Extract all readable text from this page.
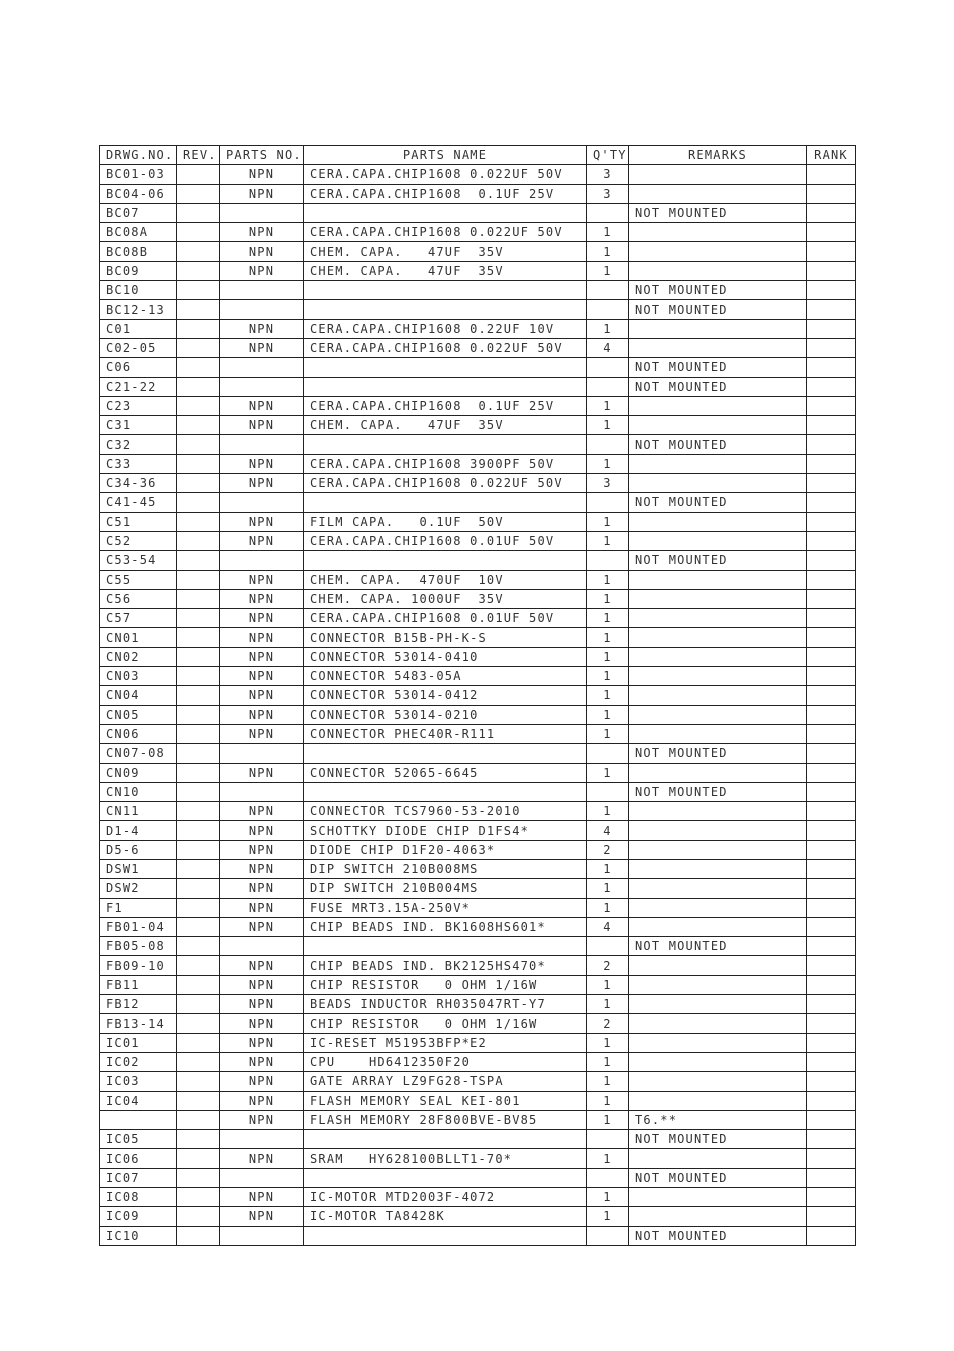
DRWG.NO.	REV.	PARTS NO.	PARTS NAME	Q'TY	REMARKS	RANK
BC01-03		NPN	CERA.CAPA.CHIP1608 0.022UF 50V	3		
BC04-06		NPN	CERA.CAPA.CHIP1608  0.1UF 25V	3		
BC07					NOT MOUNTED	
BC08A		NPN	CERA.CAPA.CHIP1608 0.022UF 50V	1		
BC08B		NPN	CHEM. CAPA.   47UF  35V	1		
BC09		NPN	CHEM. CAPA.   47UF  35V	1		
BC10					NOT MOUNTED	
BC12-13					NOT MOUNTED	
C01		NPN	CERA.CAPA.CHIP1608 0.22UF 10V	1		
C02-05		NPN	CERA.CAPA.CHIP1608 0.022UF 50V	4		
C06					NOT MOUNTED	
C21-22					NOT MOUNTED	
C23		NPN	CERA.CAPA.CHIP1608  0.1UF 25V	1		
C31		NPN	CHEM. CAPA.   47UF  35V	1		
C32					NOT MOUNTED	
C33		NPN	CERA.CAPA.CHIP1608 3900PF 50V	1		
C34-36		NPN	CERA.CAPA.CHIP1608 0.022UF 50V	3		
C41-45					NOT MOUNTED	
C51		NPN	FILM CAPA.   0.1UF  50V	1		
C52		NPN	CERA.CAPA.CHIP1608 0.01UF 50V	1		
C53-54					NOT MOUNTED	
C55		NPN	CHEM. CAPA.  470UF  10V	1		
C56		NPN	CHEM. CAPA. 1000UF  35V	1		
C57		NPN	CERA.CAPA.CHIP1608 0.01UF 50V	1		
CN01		NPN	CONNECTOR B15B-PH-K-S	1		
CN02		NPN	CONNECTOR 53014-0410	1		
CN03		NPN	CONNECTOR 5483-05A	1		
CN04		NPN	CONNECTOR 53014-0412	1		
CN05		NPN	CONNECTOR 53014-0210	1		
CN06		NPN	CONNECTOR PHEC40R-R111	1		
CN07-08					NOT MOUNTED	
CN09		NPN	CONNECTOR 52065-6645	1		
CN10					NOT MOUNTED	
CN11		NPN	CONNECTOR TCS7960-53-2010	1		
D1-4		NPN	SCHOTTKY DIODE CHIP D1FS4*	4		
D5-6		NPN	DIODE CHIP D1F20-4063*	2		
DSW1		NPN	DIP SWITCH 210B008MS	1		
DSW2		NPN	DIP SWITCH 210B004MS	1		
F1		NPN	FUSE MRT3.15A-250V*	1		
FB01-04		NPN	CHIP BEADS IND. BK1608HS601*	4		
FB05-08					NOT MOUNTED	
FB09-10		NPN	CHIP BEADS IND. BK2125HS470*	2		
FB11		NPN	CHIP RESISTOR   0 OHM 1/16W	1		
FB12		NPN	BEADS INDUCTOR RH035047RT-Y7	1		
FB13-14		NPN	CHIP RESISTOR   0 OHM 1/16W	2		
IC01		NPN	IC-RESET M51953BFP*E2	1		
IC02		NPN	CPU    HD6412350F20	1		
IC03		NPN	GATE ARRAY LZ9FG28-TSPA	1		
IC04		NPN	FLASH MEMORY SEAL KEI-801	1		
		NPN	FLASH MEMORY 28F800BVE-BV85	1	T6.**	
IC05					NOT MOUNTED	
IC06		NPN	SRAM   HY628100BLLT1-70*	1		
IC07					NOT MOUNTED	
IC08		NPN	IC-MOTOR MTD2003F-4072	1		
IC09		NPN	IC-MOTOR TA8428K	1		
IC10					NOT MOUNTED	
